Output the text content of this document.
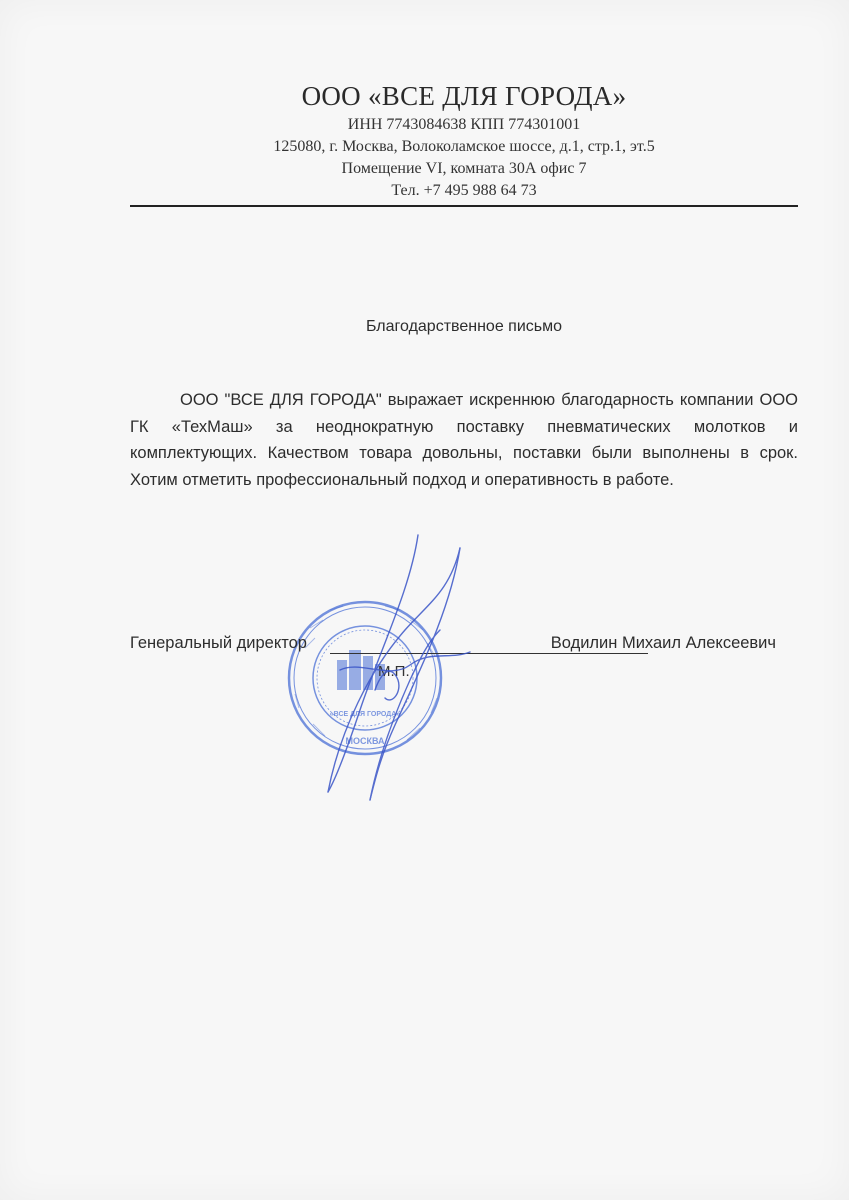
ООО «ВСЕ ДЛЯ ГОРОДА»
ИНН 7743084638 КПП 774301001
125080, г. Москва, Волоколамское шоссе, д.1, стр.1, эт.5
Помещение VI, комната 30А офис 7
Тел. +7 495 988 64 73
Благодарственное письмо
ООО "ВСЕ ДЛЯ ГОРОДА" выражает искреннюю благодарность компании ООО ГК «ТехМаш» за неоднократную поставку пневматических молотков и комплектующих. Качеством товара довольны, поставки были выполнены в срок. Хотим отметить профессиональный подход и оперативность в работе.
«ВСЕ ДЛЯ ГОРОДА»
МОСКВА
Генеральный директор	Водилин Михаил Алексеевич
М.П.
